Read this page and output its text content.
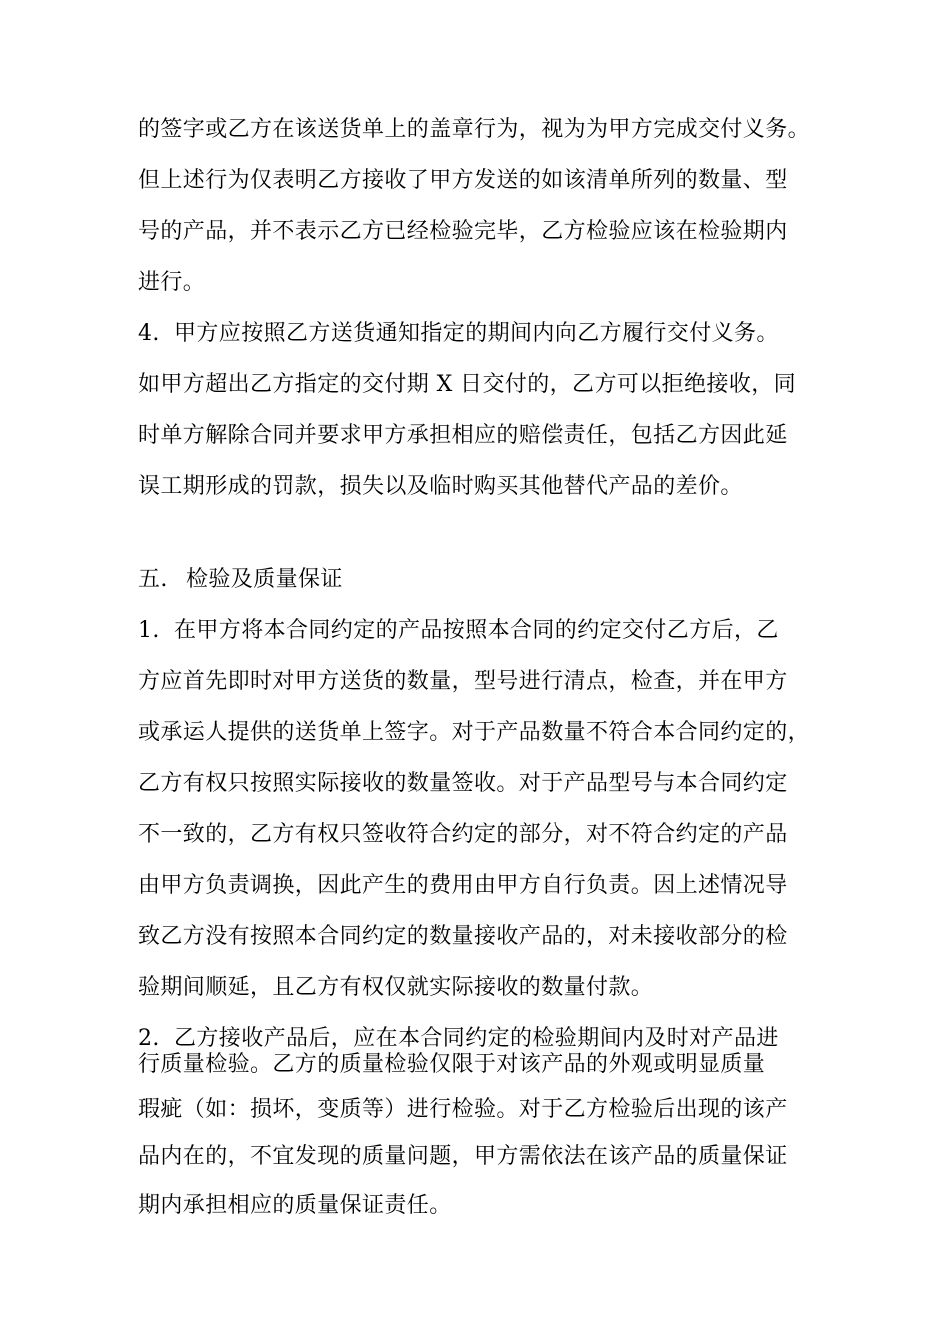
的签字或乙方在该送货单上的盖章行为，视为为甲方完成交付义务。
但上述行为仅表明乙方接收了甲方发送的如该清单所列的数量、型
号的产品，并不表示乙方已经检验完毕，乙方检验应该在检验期内
进行。
4. 甲方应按照乙方送货通知指定的期间内向乙方履行交付义务。
如甲方超出乙方指定的交付期 X 日交付的，乙方可以拒绝接收，同
时单方解除合同并要求甲方承担相应的赔偿责任，包括乙方因此延
误工期形成的罚款，损失以及临时购买其他替代产品的差价。
五. 检验及质量保证
1. 在甲方将本合同约定的产品按照本合同的约定交付乙方后，乙
方应首先即时对甲方送货的数量，型号进行清点，检查，并在甲方
或承运人提供的送货单上签字。对于产品数量不符合本合同约定的，
乙方有权只按照实际接收的数量签收。对于产品型号与本合同约定
不一致的，乙方有权只签收符合约定的部分，对不符合约定的产品
由甲方负责调换，因此产生的费用由甲方自行负责。因上述情况导
致乙方没有按照本合同约定的数量接收产品的，对未接收部分的检
验期间顺延，且乙方有权仅就实际接收的数量付款。
2. 乙方接收产品后，应在本合同约定的检验期间内及时对产品进
行质量检验。乙方的质量检验仅限于对该产品的外观或明显质量
瑕疵（如：损坏，变质等）进行检验。对于乙方检验后出现的该产
品内在的，不宜发现的质量问题，甲方需依法在该产品的质量保证
期内承担相应的质量保证责任。
